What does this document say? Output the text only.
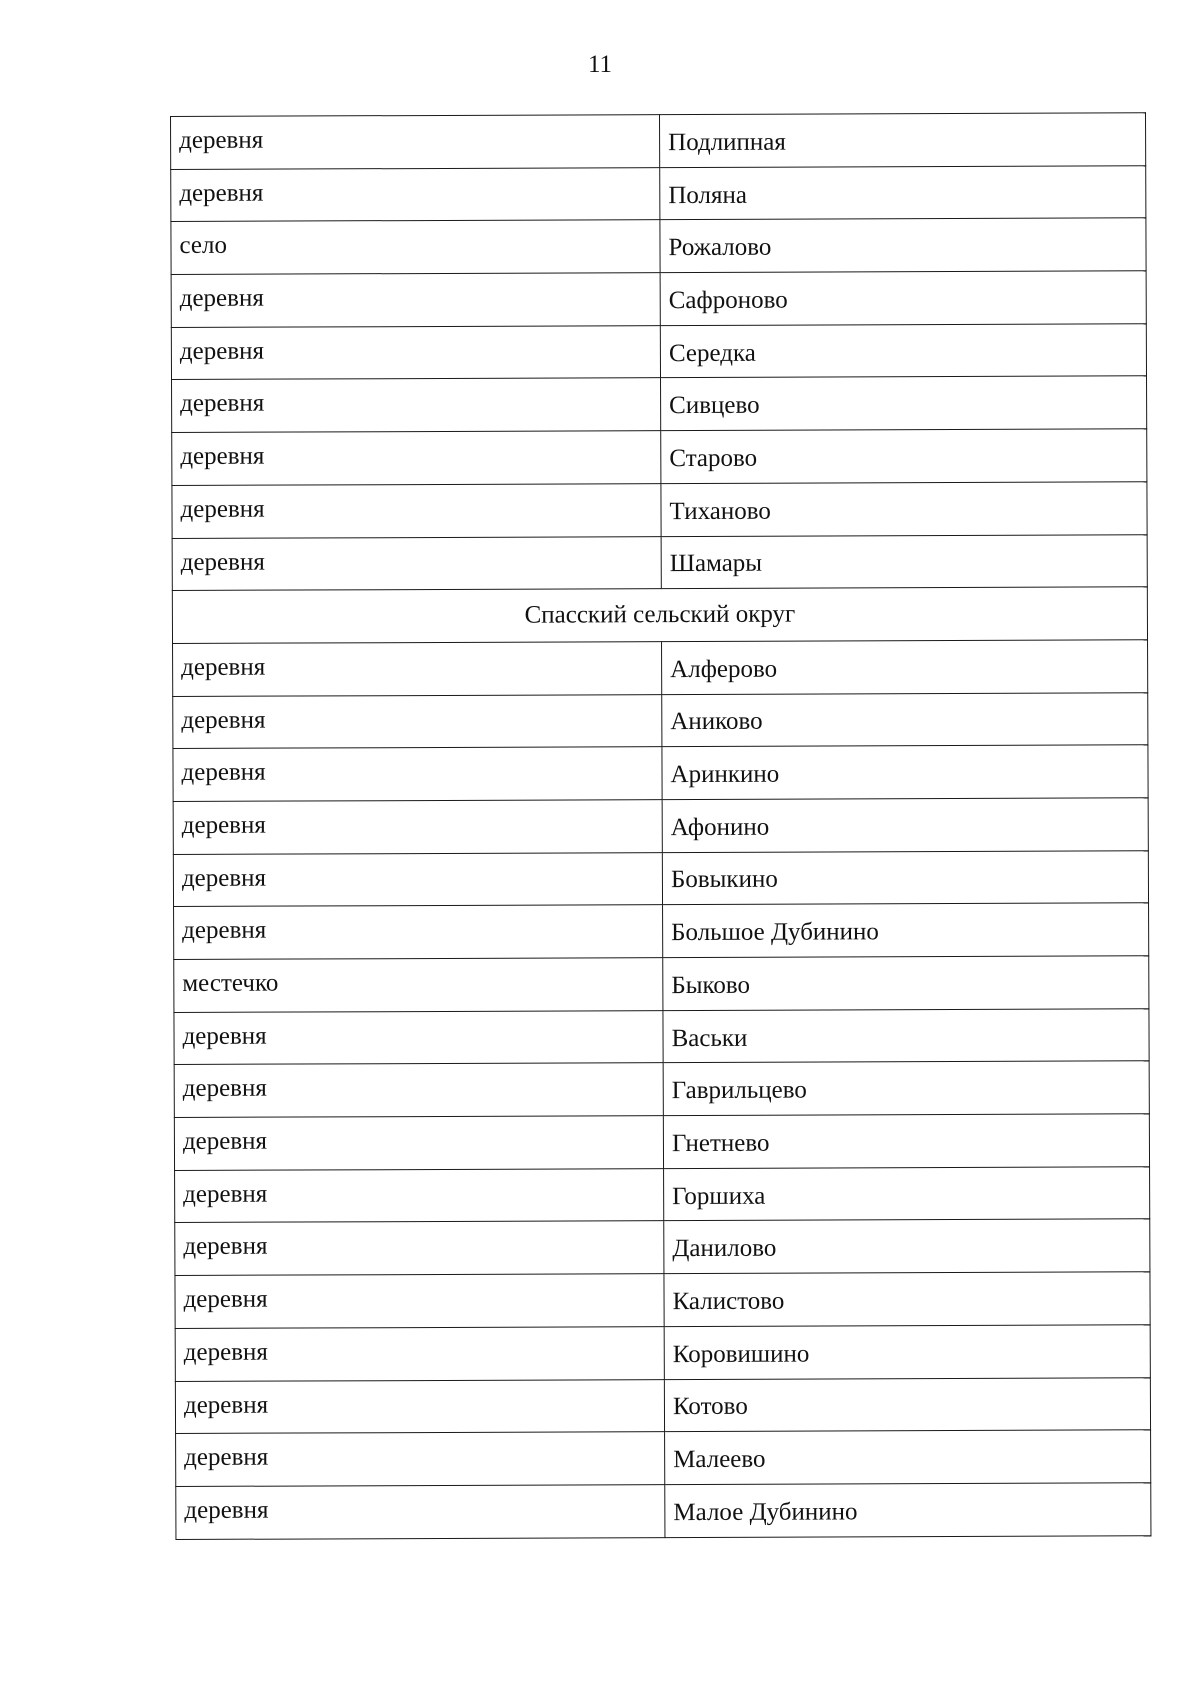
11
деревня	Подлипная
деревня	Поляна
село	Рожалово
деревня	Сафроново
деревня	Середка
деревня	Сивцево
деревня	Старово
деревня	Тиханово
деревня	Шамары
Спасский сельский округ	
деревня	Алферово
деревня	Аниково
деревня	Аринкино
деревня	Афонино
деревня	Бовыкино
деревня	Большое Дубинино
местечко	Быково
деревня	Васьки
деревня	Гаврильцево
деревня	Гнетнево
деревня	Горшиха
деревня	Данилово
деревня	Калистово
деревня	Коровишино
деревня	Котово
деревня	Малеево
деревня	Малое Дубинино
